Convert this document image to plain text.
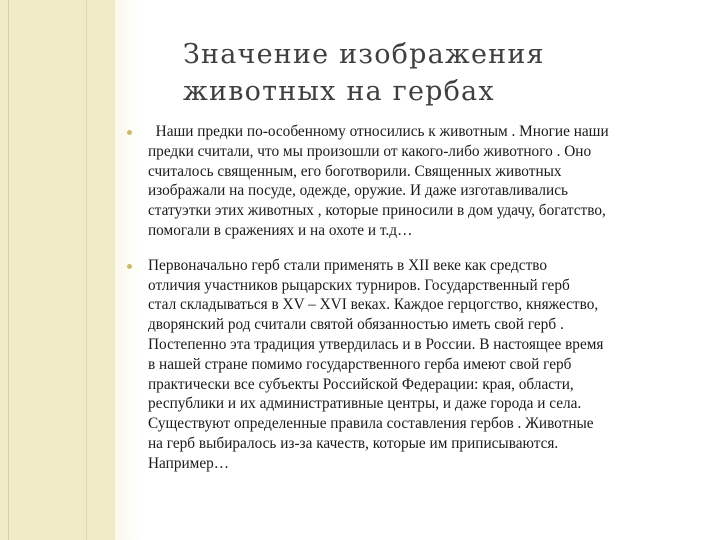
Значение изображения
животных на гербах
Наши предки по-особенному относились к животным . Многие наши
предки считали, что мы произошли от какого-либо животного . Оно
считалось священным, его боготворили. Священных животных
изображали на посуде, одежде, оружие. И даже изготавливались
статуэтки этих животных , которые приносили в дом удачу, богатство,
помогали в сражениях и на охоте и т.д…
Первоначально герб стали применять в XII веке как средство
отличия участников рыцарских турниров. Государственный герб
стал складываться в XV – XVI веках. Каждое герцогство, княжество,
дворянский род считали святой обязанностью иметь свой герб .
Постепенно эта традиция утвердилась и в России. В настоящее время
в нашей стране помимо государственного герба имеют свой герб
практически все субъекты Российской Федерации: края, области,
республики и их административные центры, и даже города и села.
Существуют определенные правила составления гербов . Животные
на герб выбиралось из-за качеств, которые им приписываются.
Например…
